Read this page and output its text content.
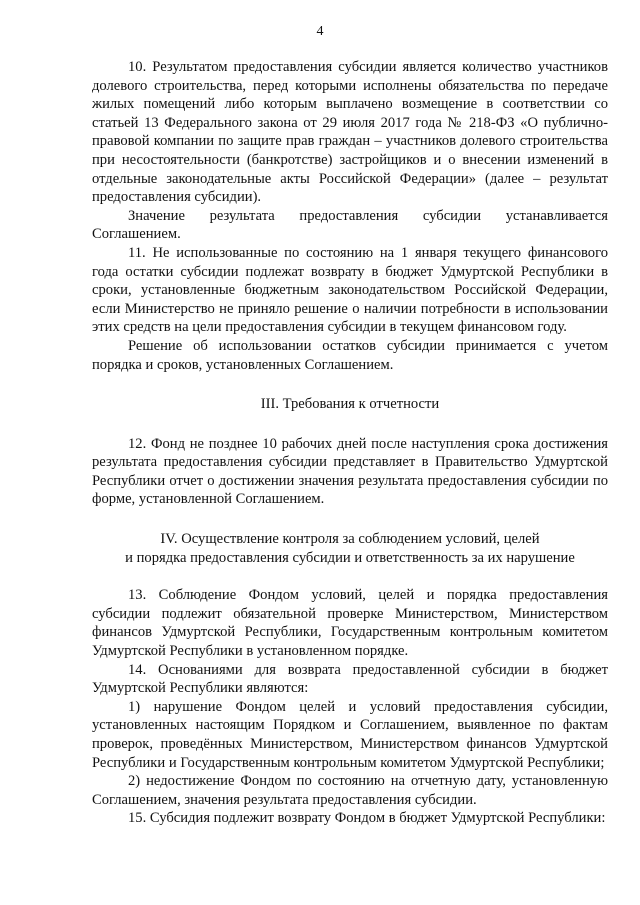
4

10. Результатом предоставления субсидии является количество участников долевого строительства, перед которыми исполнены обязательства по передаче жилых помещений либо которым выплачено возмещение в соответствии со статьей 13 Федерального закона от 29 июля 2017 года № 218-ФЗ «О публично-правовой компании по защите прав граждан – участников долевого строительства при несостоятельности (банкротстве) застройщиков и о внесении изменений в отдельные законодательные акты Российской Федерации» (далее – результат предоставления субсидии).

Значение результата предоставления субсидии устанавливается Соглашением.

11. Не использованные по состоянию на 1 января текущего финансового года остатки субсидии подлежат возврату в бюджет Удмуртской Республики в сроки, установленные бюджетным законодательством Российской Федерации, если Министерство не приняло решение о наличии потребности в использовании этих средств на цели предоставления субсидии в текущем финансовом году.

Решение об использовании остатков субсидии принимается с учетом порядка и сроков, установленных Соглашением.

III. Требования к отчетности

12. Фонд не позднее 10 рабочих дней после наступления срока достижения результата предоставления субсидии представляет в Правительство Удмуртской Республики отчет о достижении значения результата предоставления субсидии по форме, установленной Соглашением.

IV. Осуществление контроля за соблюдением условий, целей

и порядка предоставления субсидии и ответственность за их нарушение

13. Соблюдение Фондом условий, целей и порядка предоставления субсидии подлежит обязательной проверке Министерством, Министерством финансов Удмуртской Республики, Государственным контрольным комитетом Удмуртской Республики в установленном порядке.

14. Основаниями для возврата предоставленной субсидии в бюджет Удмуртской Республики являются:

1) нарушение Фондом целей и условий предоставления субсидии, установленных настоящим Порядком и Соглашением, выявленное по фактам проверок, проведённых Министерством, Министерством финансов Удмуртской Республики и Государственным контрольным комитетом Удмуртской Республики;

2) недостижение Фондом по состоянию на отчетную дату, установленную Соглашением, значения результата предоставления субсидии.

15. Субсидия подлежит возврату Фондом в бюджет Удмуртской Республики:
